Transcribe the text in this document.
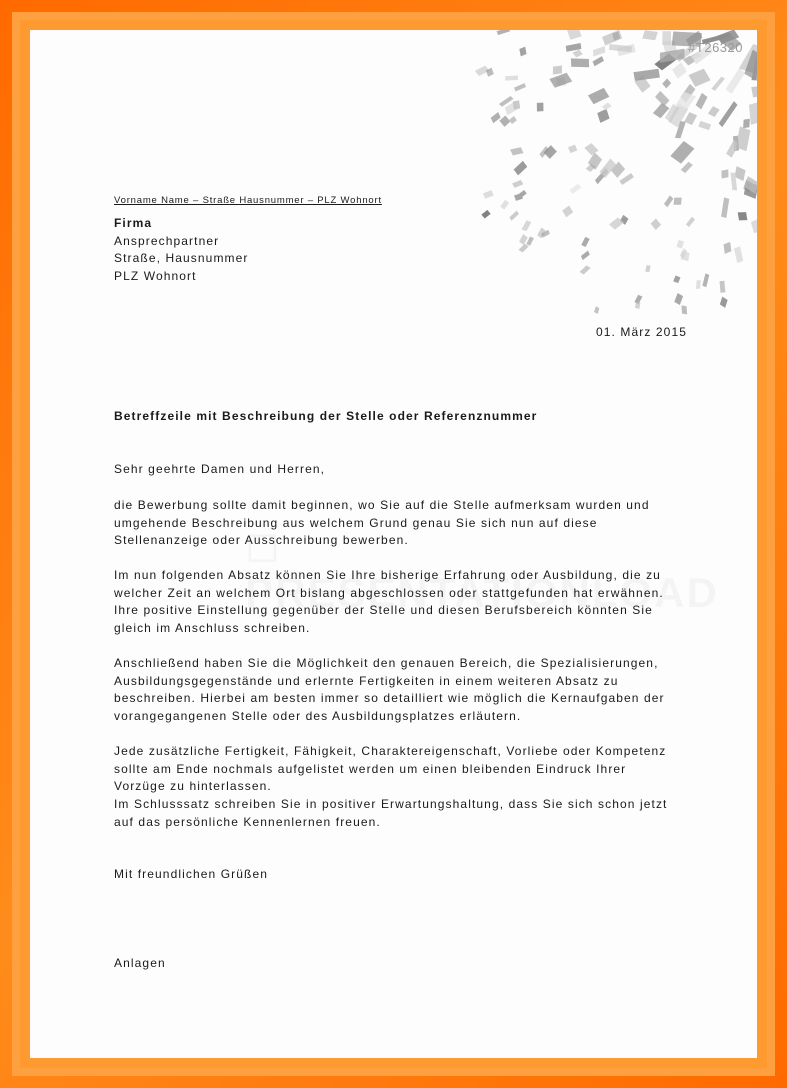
#T26320
Vorname Name – Straße Hausnummer – PLZ Wohnort
Firma
Ansprechpartner
Straße, Hausnummer
PLZ Wohnort
01. März 2015
Betreffzeile mit Beschreibung der Stelle oder Referenznummer
Sehr geehrte Damen und Herren,
die Bewerbung sollte damit beginnen, wo Sie auf die Stelle aufmerksam wurden und umgehende Beschreibung aus welchem Grund genau Sie sich nun auf diese Stellenanzeige oder Ausschreibung bewerben.
Im nun folgenden Absatz können Sie Ihre bisherige Erfahrung oder Ausbildung, die zu welcher Zeit an welchem Ort bislang abgeschlossen oder stattgefunden hat erwähnen. Ihre positive Einstellung gegenüber der Stelle und diesen Berufsbereich könnten Sie gleich im Anschluss schreiben.
Anschließend haben Sie die Möglichkeit den genauen Bereich, die Spezialisierungen, Ausbildungsgegenstände und erlernte Fertigkeiten in einem weiteren Absatz zu beschreiben. Hierbei am besten immer so detailliert wie möglich die Kernaufgaben der vorangegangenen Stelle oder des Ausbildungsplatzes erläutern.
Jede zusätzliche Fertigkeit, Fähigkeit, Charaktereigenschaft, Vorliebe oder Kompetenz sollte am Ende nochmals aufgelistet werden um einen bleibenden Eindruck Ihrer Vorzüge zu hinterlassen.
Im Schlusssatz schreiben Sie in positiver Erwartungshaltung, dass Sie sich schon jetzt auf das persönliche Kennenlernen freuen.
Mit freundlichen Grüßen
Anlagen
